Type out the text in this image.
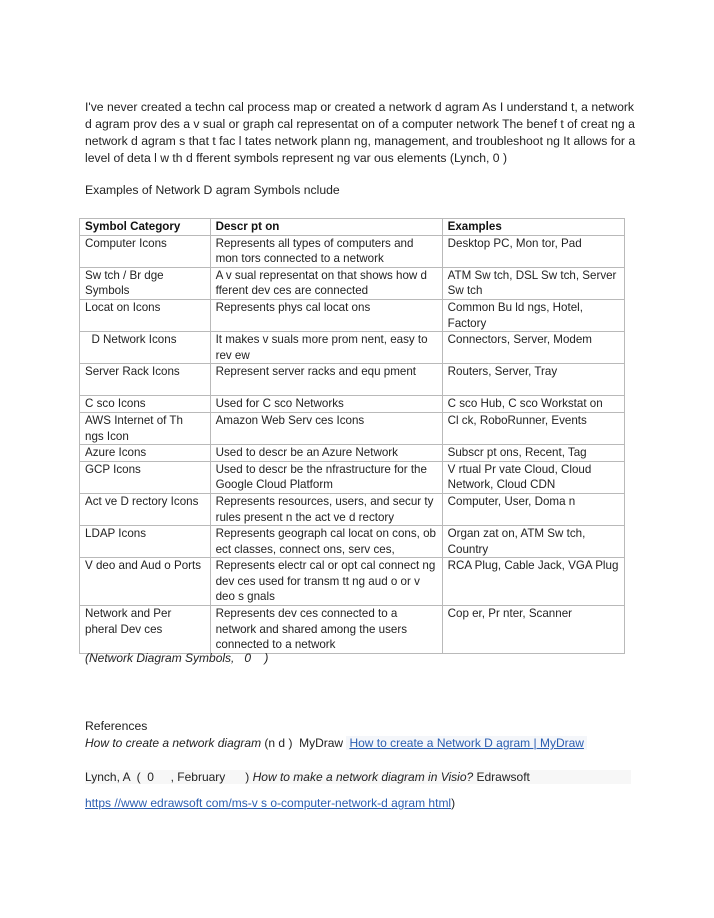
I've never created a techn cal process map or created a network d agram As I understand t, a network d agram prov des a v sual or graph cal representat on of a computer network The benef t of creat ng a network d agram s that t fac l tates network plann ng, management, and troubleshoot ng It allows for a level of deta l w th d fferent symbols represent ng var ous elements (Lynch, 0 )

Examples of Network D agram Symbols nclude

Symbol Category	Descr pt on	Examples
Computer Icons	Represents all types of computers and mon tors connected to a network	Desktop PC, Mon tor, Pad
Sw tch / Br dge Symbols	A v sual representat on that shows how d fferent dev ces are connected	ATM Sw tch, DSL Sw tch, Server Sw tch
Locat on Icons	Represents phys cal locat ons	Common Bu ld ngs, Hotel, Factory
D Network Icons	It makes v suals more prom nent, easy to rev ew	Connectors, Server, Modem
Server Rack Icons	Represent server racks and equ pment	Routers, Server, Tray
C sco Icons	Used for C sco Networks	C sco Hub, C sco Workstat on
AWS Internet of Th ngs Icon	Amazon Web Serv ces Icons	Cl ck, RoboRunner, Events
Azure Icons	Used to descr be an Azure Network	Subscr pt ons, Recent, Tag
GCP Icons	Used to descr be the nfrastructure for the Google Cloud Platform	V rtual Pr vate Cloud, Cloud Network, Cloud CDN
Act ve D rectory Icons	Represents resources, users, and secur ty rules present n the act ve d rectory	Computer, User, Doma n
LDAP Icons	Represents geograph cal locat on cons, ob ect classes, connect ons, serv ces,	Organ zat on, ATM Sw tch, Country
V deo and Aud o Ports	Represents electr cal or opt cal connect ng dev ces used for transm tt ng aud o or v deo s gnals	RCA Plug, Cable Jack, VGA Plug
Network and Per pheral Dev ces	Represents dev ces connected to a network and shared among the users connected to a network	Cop er, Pr nter, Scanner

(Network Diagram Symbols,   0    )

References

How to create a network diagram (n d )  MyDraw How to create a Network D agram | MyDraw

Lynch, A  (  0     , February      ) How to make a network diagram in Visio? Edrawsoft

https //www edrawsoft com/ms-v s o-computer-network-d agram html)
